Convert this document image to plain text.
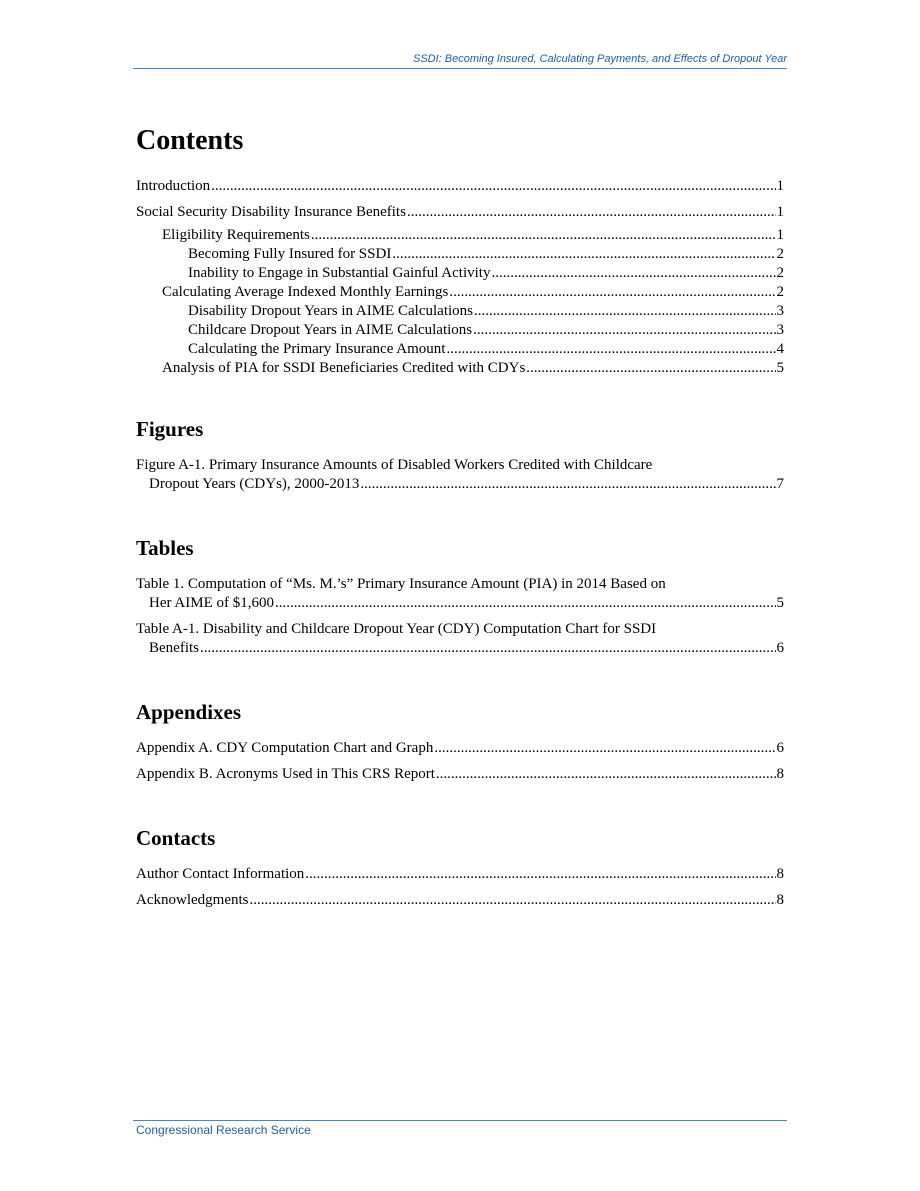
SSDI: Becoming Insured, Calculating Payments, and Effects of Dropout Year
Contents
Introduction .....	1
Social Security Disability Insurance Benefits .....	1
Eligibility Requirements .....	1
Becoming Fully Insured for SSDI .....	2
Inability to Engage in Substantial Gainful Activity .....	2
Calculating Average Indexed Monthly Earnings .....	2
Disability Dropout Years in AIME Calculations .....	3
Childcare Dropout Years in AIME Calculations .....	3
Calculating the Primary Insurance Amount .....	4
Analysis of PIA for SSDI Beneficiaries Credited with CDYs .....	5
Figures
Figure A-1. Primary Insurance Amounts of Disabled Workers Credited with Childcare
Dropout Years (CDYs), 2000-2013 .....	7
Tables
Table 1. Computation of “Ms. M.’s” Primary Insurance Amount (PIA) in 2014 Based on
Her AIME of $1,600 .....	5
Table A-1. Disability and Childcare Dropout Year (CDY) Computation Chart for SSDI
Benefits .....	6
Appendixes
Appendix A. CDY Computation Chart and Graph .....	6
Appendix B. Acronyms Used in This CRS Report .....	8
Contacts
Author Contact Information .....	8
Acknowledgments .....	8
Congressional Research Service
